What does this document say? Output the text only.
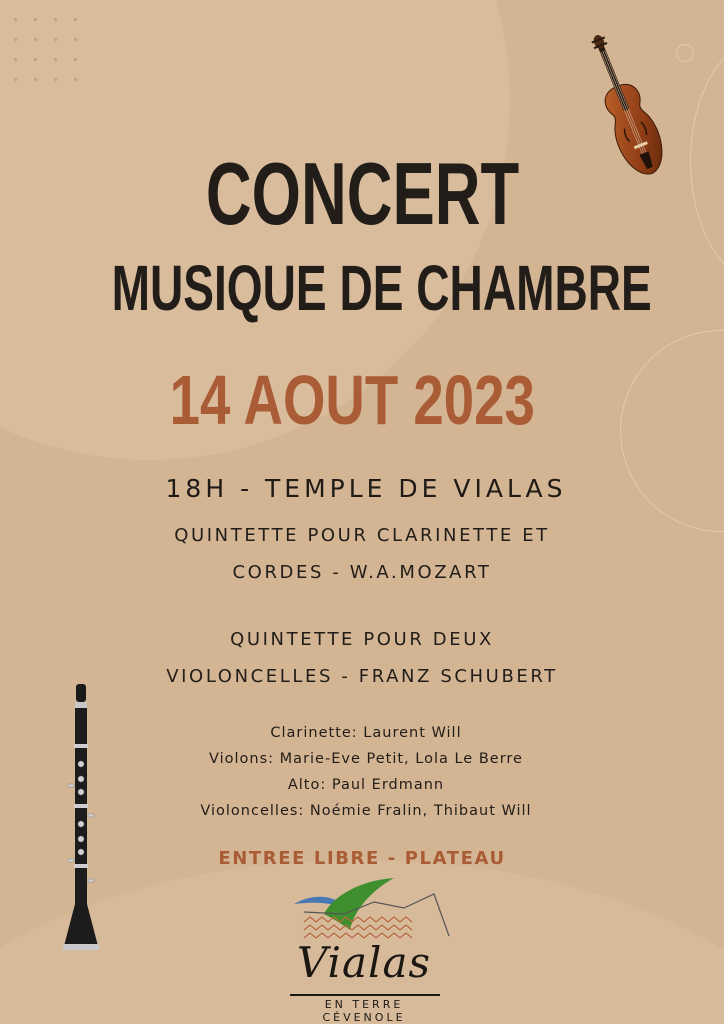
CONCERT
MUSIQUE DE CHAMBRE
14 AOUT 2023
18H - TEMPLE DE VIALAS
QUINTETTE POUR CLARINETTE ET
CORDES - W.A.MOZART
QUINTETTE POUR DEUX
VIOLONCELLES - FRANZ SCHUBERT
Clarinette: Laurent Will
Violons: Marie-Eve Petit, Lola Le Berre
Alto: Paul Erdmann
Violoncelles: Noémie Fralin, Thibaut Will
ENTREE LIBRE - PLATEAU
Vialas
EN TERRE CÉVENOLE
